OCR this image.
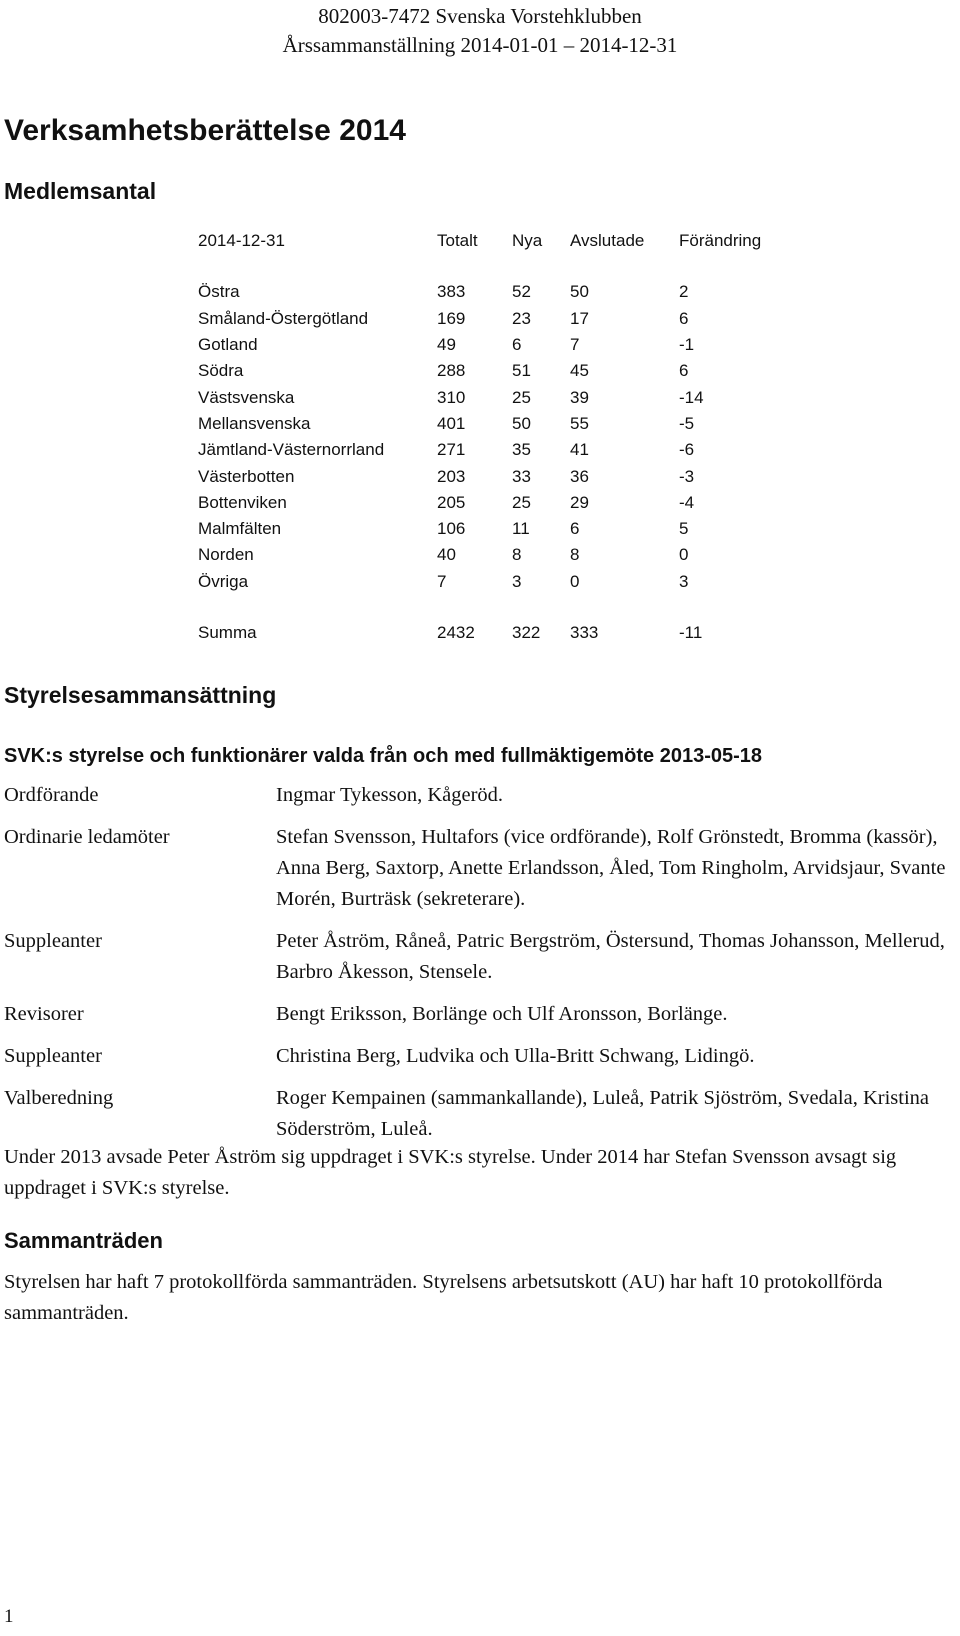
802003-7472 Svenska Vorstehklubben
Årssammanställning 2014-01-01 – 2014-12-31
Verksamhetsberättelse 2014
Medlemsantal
2014-12-31	Totalt	Nya	Avslutade	Förändring

Östra	383	52	50	2
Småland-Östergötland	169	23	17	6
Gotland	49	6	7	-1
Södra	288	51	45	6
Västsvenska	310	25	39	-14
Mellansvenska	401	50	55	-5
Jämtland-Västernorrland	271	35	41	-6
Västerbotten	203	33	36	-3
Bottenviken	205	25	29	-4
Malmfälten	106	11	6	5
Norden	40	8	8	0
Övriga	7	3	0	3

Summa	2432	322	333	-11
Styrelsesammansättning
SVK:s styrelse och funktionärer valda från och med fullmäktigemöte 2013-05-18
Ordförande	Ingmar Tykesson, Kågeröd.
Ordinarie ledamöter	Stefan Svensson, Hultafors (vice ordförande), Rolf Grönstedt, Bromma (kassör), Anna Berg, Saxtorp, Anette Erlandsson, Åled, Tom Ringholm, Arvidsjaur, Svante Morén, Burträsk (sekreterare).
Suppleanter	Peter Åström, Råneå, Patric Bergström, Östersund, Thomas Johansson, Mellerud, Barbro Åkesson, Stensele.
Revisorer	Bengt Eriksson, Borlänge och Ulf Aronsson, Borlänge.
Suppleanter	Christina Berg, Ludvika och Ulla-Britt Schwang, Lidingö.
Valberedning	Roger Kempainen (sammankallande), Luleå, Patrik Sjöström, Svedala, Kristina Söderström, Luleå.

Under 2013 avsade Peter Åström sig uppdraget i SVK:s styrelse. Under 2014 har Stefan Svensson avsagt sig uppdraget i SVK:s styrelse.

Sammanträden

Styrelsen har haft 7 protokollförda sammanträden. Styrelsens arbetsutskott (AU) har haft 10 protokollförda sammanträden.

1
